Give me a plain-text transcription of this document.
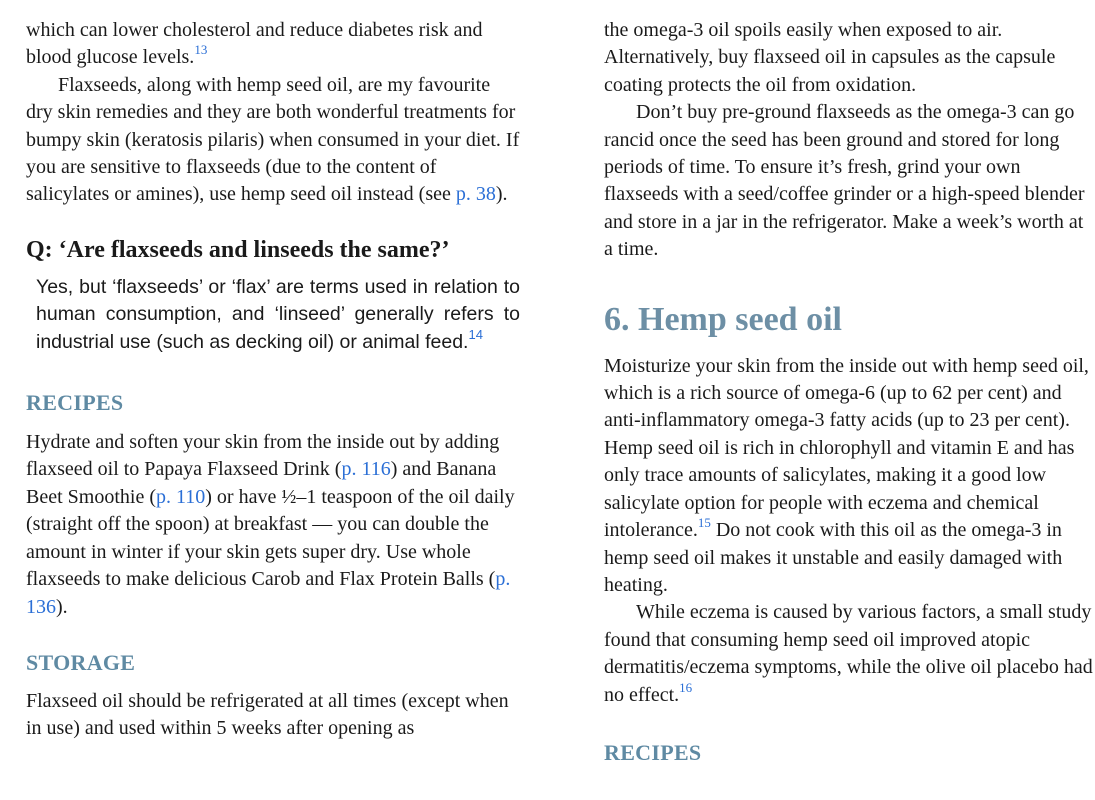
which can lower cholesterol and reduce diabetes risk and blood glucose levels.$^{13}$

Flaxseeds, along with hemp seed oil, are my favourite dry skin remedies and they are both wonderful treatments for bumpy skin (keratosis pilaris) when consumed in your diet. If you are sensitive to flaxseeds (due to the content of salicylates or amines), use hemp seed oil instead (see p. 38).

Q: ‘Are flaxseeds and linseeds the same?’

Yes, but ‘flaxseeds’ or ‘flax’ are terms used in relation to human consumption, and ‘linseed’ generally refers to industrial use (such as decking oil) or animal feed.$^{14}$

RECIPES

Hydrate and soften your skin from the inside out by adding flaxseed oil to Papaya Flaxseed Drink (p. 116) and Banana Beet Smoothie (p. 110) or have ½–1 teaspoon of the oil daily (straight off the spoon) at breakfast — you can double the amount in winter if your skin gets super dry. Use whole flaxseeds to make delicious Carob and Flax Protein Balls (p. 136).

STORAGE

Flaxseed oil should be refrigerated at all times (except when in use) and used within 5 weeks after opening as

the omega-3 oil spoils easily when exposed to air. Alternatively, buy flaxseed oil in capsules as the capsule coating protects the oil from oxidation.

Don’t buy pre-ground flaxseeds as the omega-3 can go rancid once the seed has been ground and stored for long periods of time. To ensure it’s fresh, grind your own flaxseeds with a seed/coffee grinder or a high-speed blender and store in a jar in the refrigerator. Make a week’s worth at a time.

6. Hemp seed oil

Moisturize your skin from the inside out with hemp seed oil, which is a rich source of omega-6 (up to 62 per cent) and anti-inflammatory omega-3 fatty acids (up to 23 per cent). Hemp seed oil is rich in chlorophyll and vitamin E and has only trace amounts of salicylates, making it a good low salicylate option for people with eczema and chemical intolerance.$^{15}$ Do not cook with this oil as the omega-3 in hemp seed oil makes it unstable and easily damaged with heating.

While eczema is caused by various factors, a small study found that consuming hemp seed oil improved atopic dermatitis/eczema symptoms, while the olive oil placebo had no effect.$^{16}$

RECIPES
